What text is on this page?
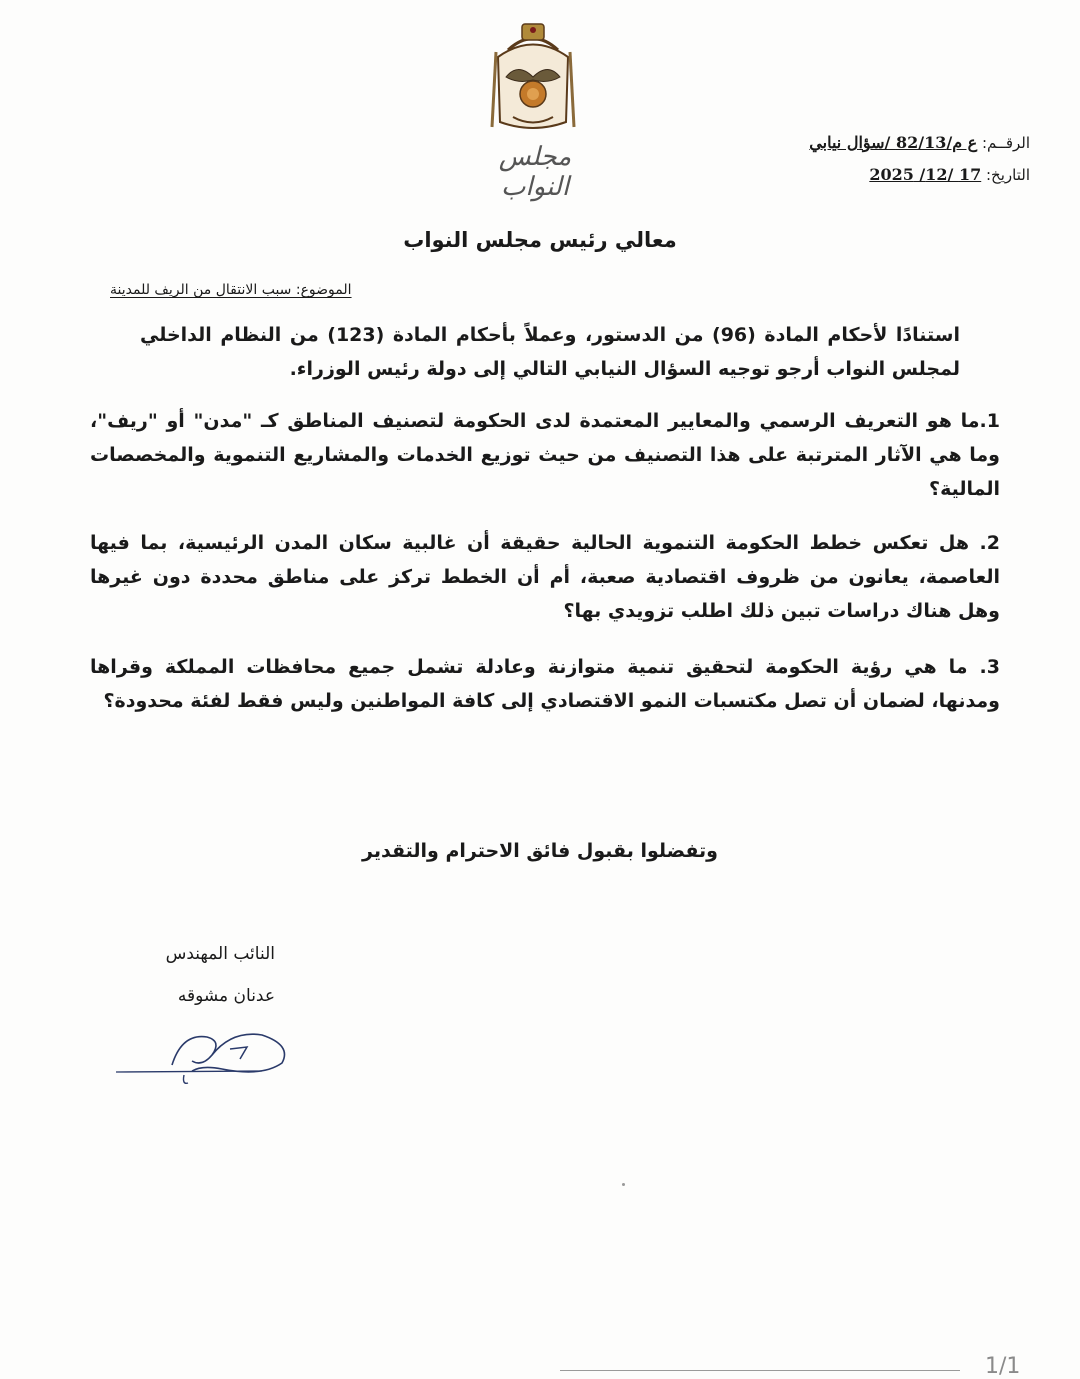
مجلس النواب
الرقــم: ع م/82/13 /سؤال نيابي
التاريخ: 17 /12/ 2025
معالي رئيس مجلس النواب
الموضوع: سبب الانتقال من الريف للمدينة
استنادًا لأحكام المادة (96) من الدستور، وعملاً بأحكام المادة (123) من النظام الداخلي لمجلس النواب أرجو توجيه السؤال النيابي التالي إلى دولة رئيس الوزراء.

1.ما هو التعريف الرسمي والمعايير المعتمدة لدى الحكومة لتصنيف المناطق كـ "مدن" أو "ريف"، وما هي الآثار المترتبة على هذا التصنيف من حيث توزيع الخدمات والمشاريع التنموية والمخصصات المالية؟

2. هل تعكس خطط الحكومة التنموية الحالية حقيقة أن غالبية سكان المدن الرئيسية، بما فيها العاصمة، يعانون من ظروف اقتصادية صعبة، أم أن الخطط تركز على مناطق محددة دون غيرها وهل هناك دراسات تبين ذلك اطلب تزويدي بها؟

3. ما هي رؤية الحكومة لتحقيق تنمية متوازنة وعادلة تشمل جميع محافظات المملكة وقراها ومدنها، لضمان أن تصل مكتسبات النمو الاقتصادي إلى كافة المواطنين وليس فقط لفئة محدودة؟

وتفضلوا بقبول فائق الاحترام والتقدير
النائب المهندس
عدنان مشوقه
1/1
